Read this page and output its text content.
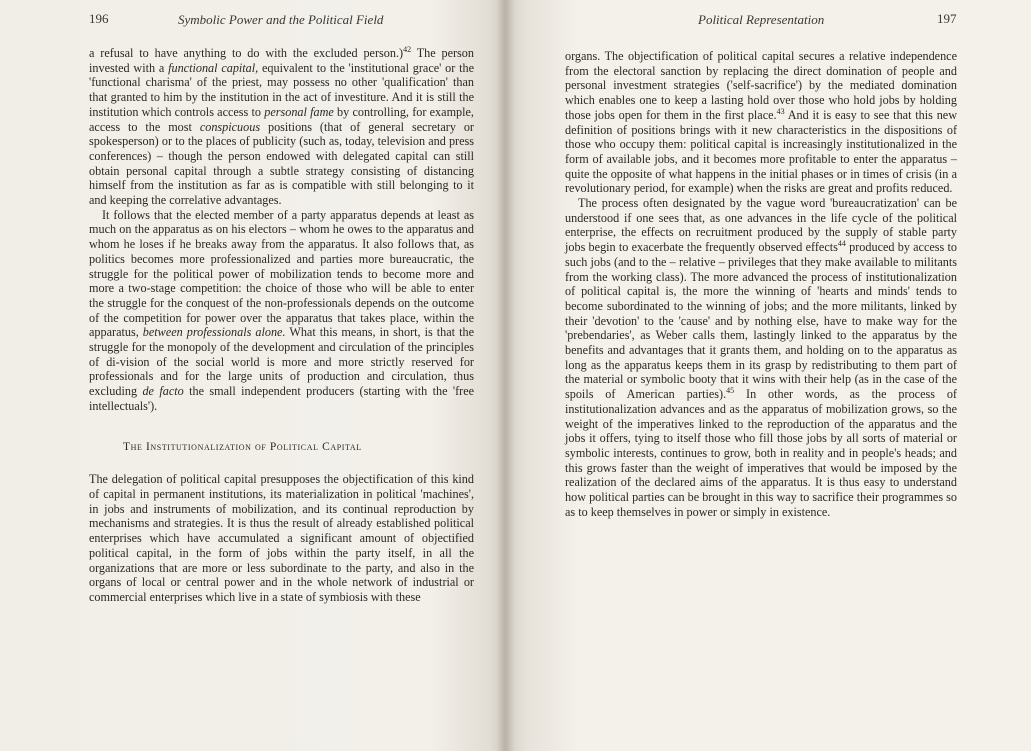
196	Symbolic Power and the Political Field

a refusal to have anything to do with the excluded person.)$^{42}$ The person invested with a functional capital, equivalent to the 'institutional grace' or the 'functional charisma' of the priest, may possess no other 'qualification' than that granted to him by the institution in the act of investiture. And it is still the institution which controls access to personal fame by controlling, for example, access to the most conspicuous positions (that of general secretary or spokesperson) or to the places of publicity (such as, today, television and press conferences) – though the person endowed with delegated capital can still obtain personal capital through a subtle strategy consisting of distancing himself from the institution as far as is compatible with still belonging to it and keeping the correlative advantages.

It follows that the elected member of a party apparatus depends at least as much on the apparatus as on his electors – whom he owes to the apparatus and whom he loses if he breaks away from the apparatus. It also follows that, as politics becomes more professionalized and parties more bureaucratic, the struggle for the political power of mobilization tends to become more and more a two-stage competition: the choice of those who will be able to enter the struggle for the conquest of the non-professionals depends on the outcome of the competition for power over the apparatus that takes place, within the apparatus, between professionals alone. What this means, in short, is that the struggle for the monopoly of the development and circulation of the principles of di-vision of the social world is more and more strictly reserved for professionals and for the large units of production and circulation, thus excluding de facto the small independent producers (starting with the 'free intellectuals').

The Institutionalization of Political Capital

The delegation of political capital presupposes the objectification of this kind of capital in permanent institutions, its materialization in political 'machines', in jobs and instruments of mobilization, and its continual reproduction by mechanisms and strategies. It is thus the result of already established political enterprises which have accumulated a significant amount of objectified political capital, in the form of jobs within the party itself, in all the organizations that are more or less subordinate to the party, and also in the organs of local or central power and in the whole network of industrial or commercial enterprises which live in a state of symbiosis with these

Political Representation	197

organs. The objectification of political capital secures a relative independence from the electoral sanction by replacing the direct domination of people and personal investment strategies ('self-sacrifice') by the mediated domination which enables one to keep a lasting hold over those who hold jobs by holding those jobs open for them in the first place.$^{43}$ And it is easy to see that this new definition of positions brings with it new characteristics in the dispositions of those who occupy them: political capital is increasingly institutionalized in the form of available jobs, and it becomes more profitable to enter the apparatus – quite the opposite of what happens in the initial phases or in times of crisis (in a revolutionary period, for example) when the risks are great and profits reduced.

The process often designated by the vague word 'bureaucratization' can be understood if one sees that, as one advances in the life cycle of the political enterprise, the effects on recruitment produced by the supply of stable party jobs begin to exacerbate the frequently observed effects$^{44}$ produced by access to such jobs (and to the – relative – privileges that they make available to militants from the working class). The more advanced the process of institutionalization of political capital is, the more the winning of 'hearts and minds' tends to become subordinated to the winning of jobs; and the more militants, linked by their 'devotion' to the 'cause' and by nothing else, have to make way for the 'prebendaries', as Weber calls them, lastingly linked to the apparatus by the benefits and advantages that it grants them, and holding on to the apparatus as long as the apparatus keeps them in its grasp by redistributing to them part of the material or symbolic booty that it wins with their help (as in the case of the spoils of American parties).$^{45}$ In other words, as the process of institutionalization advances and as the apparatus of mobilization grows, so the weight of the imperatives linked to the reproduction of the apparatus and the jobs it offers, tying to itself those who fill those jobs by all sorts of material or symbolic interests, continues to grow, both in reality and in people's heads; and this grows faster than the weight of imperatives that would be imposed by the realization of the declared aims of the apparatus. It is thus easy to understand how political parties can be brought in this way to sacrifice their programmes so as to keep themselves in power or simply in existence.
